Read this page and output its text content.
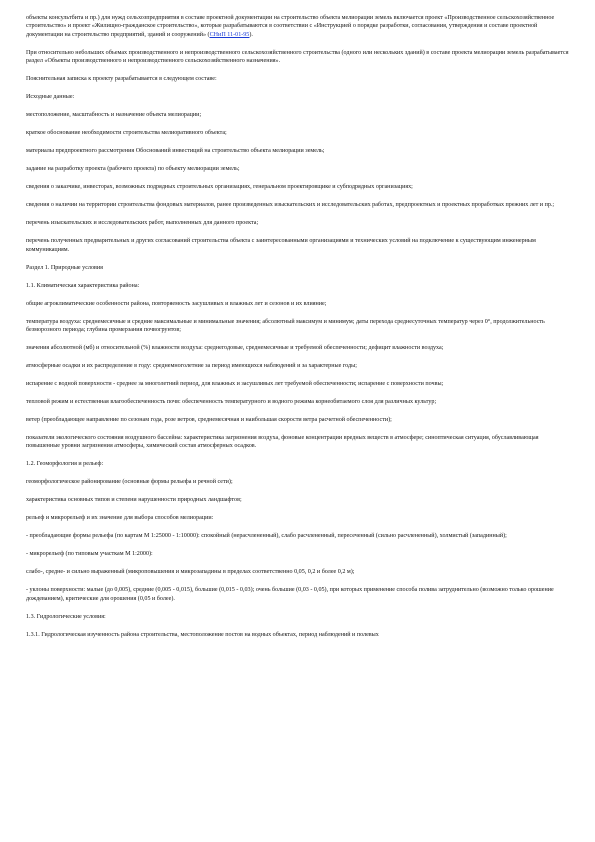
объекты консультбита и пр.) для нужд сельхозпредприятия в составе проектной документации на строительство объекта мелиорации земель включается проект «Производственное сельскохозяйственное строительство» и проект «Жилищно-гражданское строительство», которые разрабатываются в соответствии с «Инструкцией о порядке разработки, согласования, утверждения и составе проектной документации на строительство предприятий, зданий и сооружений» (СНиП 11-01-95).

При относительно небольших объемах производственного и непроизводственного сельскохозяйственного строительства (одного или нескольких зданий) в составе проекта мелиорации земель разрабатывается раздел «Объекты производственного и непроизводственного сельскохозяйственного назначения».

Пояснительная записка к проекту разрабатывается в следующем составе:

Исходные данные:

местоположение, масштабность и назначение объекта мелиорации;

краткое обоснование необходимости строительства мелиоративного объекта;

материалы предпроектного рассмотрения Обоснований инвестиций на строительство объекта мелиорации земель;

задание на разработку проекта (рабочего проекта) по объекту мелиорации земель;

сведения о заказчике, инвесторах, возможных подрядных строительных организациях, генеральном проектировщике и субподрядных организациях;

сведения о наличии на территории строительства фондовых материалов, ранее произведенных изыскательских и исследовательских работах, предпроектных и проектных проработках прежних лет и пр.;

перечень изыскательских и исследовательских работ, выполненных для данного проекта;

перечень полученных предварительных и других согласований строительства объекта с заинтересованными организациями и технических условий на подключение к существующим инженерным коммуникациям.

Раздел 1. Природные условия

1.1. Климатическая характеристика района:

общие агроклиматические особенности района, повторяемость засушливых и влажных лет и сезонов и их влияние;

температура воздуха: среднемесячные и средние максимальные и минимальные значения; абсолютный максимум и минимум; даты перехода среднесуточных температур через 0°, продолжительность безморозного периода; глубина промерзания почвогрунтов;

значения абсолютной (мб) и относительной (%) влажности воздуха: среднегодовые, среднемесячные и требуемой обеспеченности; дефицит влажности воздуха;

атмосферные осадки и их распределение в году: среднемноголетние за период имеющихся наблюдений и за характерные годы;

испарение с водной поверхности - среднее за многолетний период, для влажных и засушливых лет требуемой обеспеченности; испарение с поверхности почвы;

тепловой режим и естественная влагообеспеченность почв: обеспеченность температурного и водного режима корнеобитаемого слоя для различных культур;

ветер (преобладающее направление по сезонам года, розе ветров, среднемесячная и наибольшая скорости ветра расчетной обеспеченности);

показатели экологического состояния воздушного бассейна: характеристика загрязнения воздуха, фоновые концентрации вредных веществ в атмосфере; синоптическая ситуация, обуславливающая повышенные уровни загрязнения атмосферы, химический состав атмосферных осадков.

1.2. Геоморфология и рельеф:

геоморфологическое районирование (основные формы рельефа и речной сети);

характеристика основных типов и степени нарушенности природных ландшафтов;

рельеф и микрорельеф и их значение для выбора способов мелиорации:

- преобладающие формы рельефа (по картам М 1:25000 - 1:10000): спокойный (нерасчлененный), слабо расчлененный, пересеченный (сильно расчлененный), холмистый (западинный);

- микрорельеф (по типовым участкам М 1:2000):

слабо-, средне- и сильно выраженный (микроповышения и микрозападины в пределах соответственно 0,05, 0,2 и более 0,2 м);

- уклоны поверхности: малые (до 0,005), средние (0,005 - 0,015), большие (0,015 - 0,03); очень большие (0,03 - 0,05), при которых применение способа полива затруднительно (возможно только орошение дождеванием), критические для орошения (0,05 и более).

1.3. Гидрологические условия:

1.3.1. Гидрологическая изученность района строительства, местоположение постов на водных объектах, период наблюдений и полевых
